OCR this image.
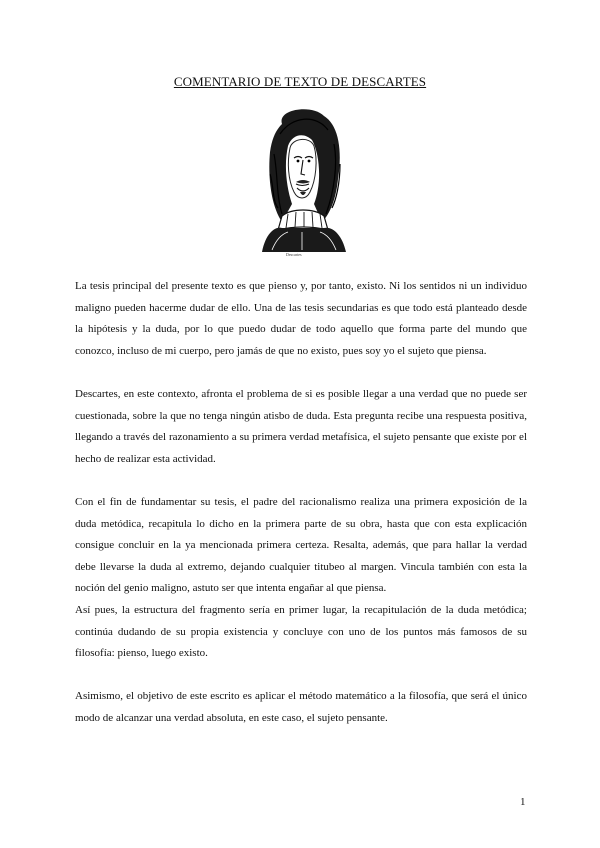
COMENTARIO DE TEXTO DE DESCARTES
Descartes

La tesis principal del presente texto es que pienso y, por tanto, existo. Ni los sentidos ni un individuo maligno pueden hacerme dudar de ello. Una de las tesis secundarias es que todo está planteado desde la hipótesis y la duda, por lo que puedo dudar de todo aquello que forma parte del mundo que conozco, incluso de mi cuerpo, pero jamás de que no existo, pues soy yo el sujeto que piensa.

Descartes, en este contexto, afronta el problema de si es posible llegar a una verdad que no puede ser cuestionada, sobre la que no tenga ningún atisbo de duda. Esta pregunta recibe una respuesta positiva, llegando a través del razonamiento a su primera verdad metafísica, el sujeto pensante que existe por el hecho de realizar esta actividad.

Con el fin de fundamentar su tesis, el padre del racionalismo realiza una primera exposición de la duda metódica, recapitula lo dicho en la primera parte de su obra, hasta que con esta explicación consigue concluir en la ya mencionada primera certeza. Resalta, además, que para hallar la verdad debe llevarse la duda al extremo, dejando cualquier titubeo al margen. Vincula también con esta la noción del genio maligno, astuto ser que intenta engañar al que piensa.

Así pues, la estructura del fragmento sería en primer lugar, la recapitulación de la duda metódica; continúa dudando de su propia existencia y concluye con uno de los puntos más famosos de su filosofía: pienso, luego existo.

Asimismo, el objetivo de este escrito es aplicar el método matemático a la filosofía, que será el único modo de alcanzar una verdad absoluta, en este caso, el sujeto pensante.

1
